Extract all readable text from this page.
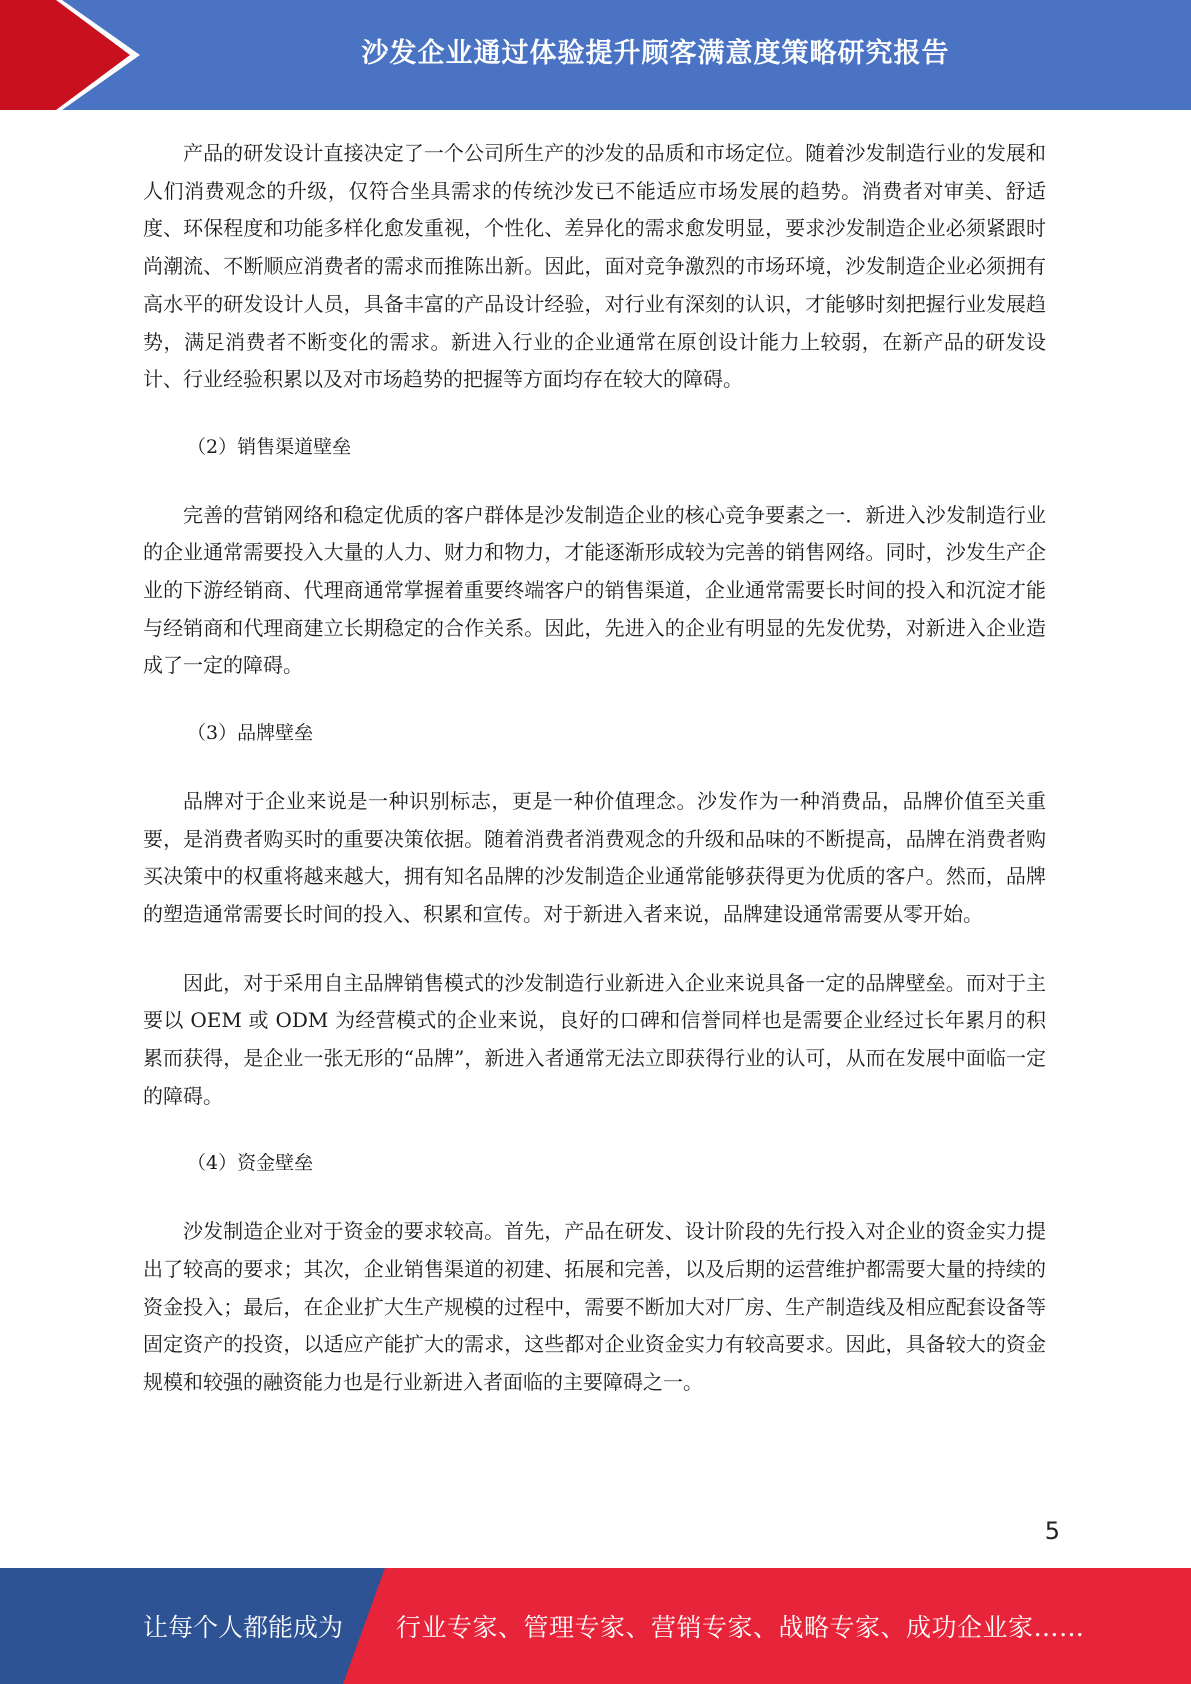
沙发企业通过体验提升顾客满意度策略研究报告

产品的研发设计直接决定了一个公司所生产的沙发的品质和市场定位。随着沙发制造行业的发展和人们消费观念的升级，仅符合坐具需求的传统沙发已不能适应市场发展的趋势。消费者对审美、舒适度、环保程度和功能多样化愈发重视，个性化、差异化的需求愈发明显，要求沙发制造企业必须紧跟时尚潮流、不断顺应消费者的需求而推陈出新。因此，面对竞争激烈的市场环境，沙发制造企业必须拥有高水平的研发设计人员，具备丰富的产品设计经验，对行业有深刻的认识，才能够时刻把握行业发展趋势，满足消费者不断变化的需求。新进入行业的企业通常在原创设计能力上较弱，在新产品的研发设计、行业经验积累以及对市场趋势的把握等方面均存在较大的障碍。

（2）销售渠道壁垒

完善的营销网络和稳定优质的客户群体是沙发制造企业的核心竞争要素之一．新进入沙发制造行业的企业通常需要投入大量的人力、财力和物力，才能逐渐形成较为完善的销售网络。同时，沙发生产企业的下游经销商、代理商通常掌握着重要终端客户的销售渠道，企业通常需要长时间的投入和沉淀才能与经销商和代理商建立长期稳定的合作关系。因此，先进入的企业有明显的先发优势，对新进入企业造成了一定的障碍。

（3）品牌壁垒

品牌对于企业来说是一种识别标志，更是一种价值理念。沙发作为一种消费品，品牌价值至关重要，是消费者购买时的重要决策依据。随着消费者消费观念的升级和品味的不断提高，品牌在消费者购买决策中的权重将越来越大，拥有知名品牌的沙发制造企业通常能够获得更为优质的客户。然而，品牌的塑造通常需要长时间的投入、积累和宣传。对于新进入者来说，品牌建设通常需要从零开始。

因此，对于采用自主品牌销售模式的沙发制造行业新进入企业来说具备一定的品牌壁垒。而对于主要以 OEM 或 ODM 为经营模式的企业来说，良好的口碑和信誉同样也是需要企业经过长年累月的积累而获得，是企业一张无形的“品牌”，新进入者通常无法立即获得行业的认可，从而在发展中面临一定的障碍。

（4）资金壁垒

沙发制造企业对于资金的要求较高。首先，产品在研发、设计阶段的先行投入对企业的资金实力提出了较高的要求；其次，企业销售渠道的初建、拓展和完善，以及后期的运营维护都需要大量的持续的资金投入；最后，在企业扩大生产规模的过程中，需要不断加大对厂房、生产制造线及相应配套设备等固定资产的投资，以适应产能扩大的需求，这些都对企业资金实力有较高要求。因此，具备较大的资金规模和较强的融资能力也是行业新进入者面临的主要障碍之一。

5
让每个人都能成为 行业专家、管理专家、营销专家、战略专家、成功企业家……
